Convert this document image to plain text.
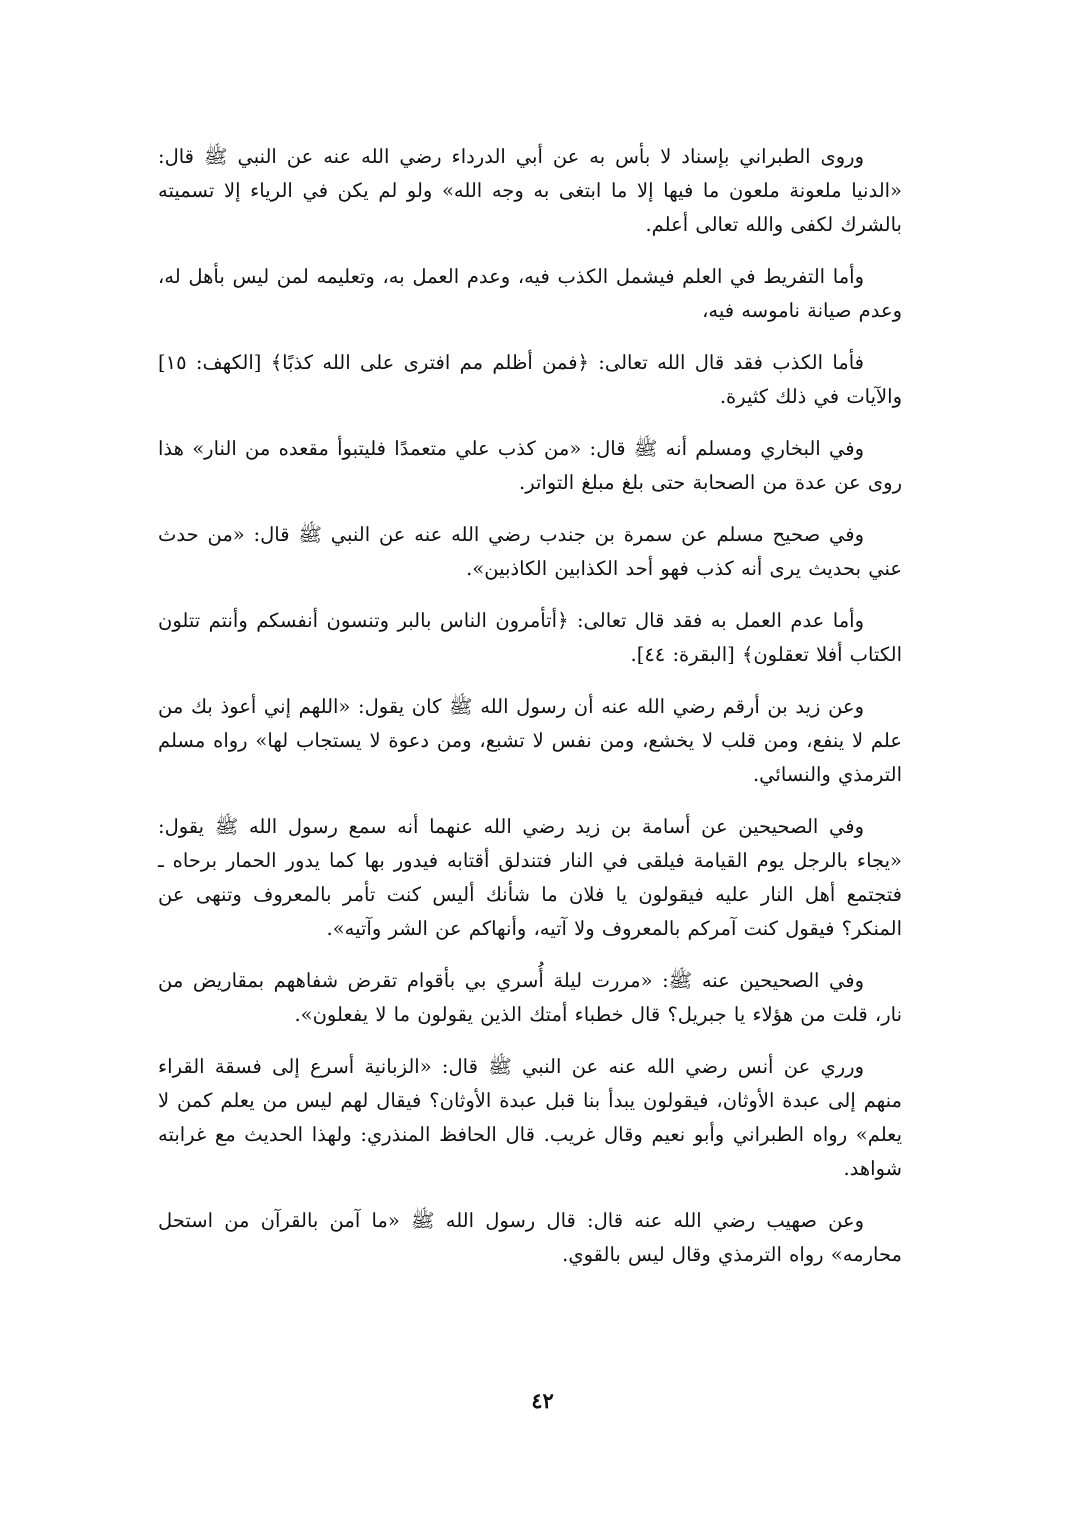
وروى الطبراني بإسناد لا بأس به عن أبي الدرداء رضي الله عنه عن النبي ﷺ قال: «الدنيا ملعونة ملعون ما فيها إلا ما ابتغى به وجه الله» ولو لم يكن في الرياء إلا تسميته بالشرك لكفى والله تعالى أعلم.

وأما التفريط في العلم فيشمل الكذب فيه، وعدم العمل به، وتعليمه لمن ليس بأهل له، وعدم صيانة ناموسه فيه،

فأما الكذب فقد قال الله تعالى: ﴿فمن أظلم مم افترى على الله كذبًا﴾ [الكهف: ١٥] والآيات في ذلك كثيرة.

وفي البخاري ومسلم أنه ﷺ قال: «من كذب علي متعمدًا فليتبوأ مقعده من النار» هذا روى عن عدة من الصحابة حتى بلغ مبلغ التواتر.

وفي صحيح مسلم عن سمرة بن جندب رضي الله عنه عن النبي ﷺ قال: «من حدث عني بحديث يرى أنه كذب فهو أحد الكذابين الكاذبين».

وأما عدم العمل به فقد قال تعالى: ﴿أتأمرون الناس بالبر وتنسون أنفسكم وأنتم تتلون الكتاب أفلا تعقلون﴾ [البقرة: ٤٤].

وعن زيد بن أرقم رضي الله عنه أن رسول الله ﷺ كان يقول: «اللهم إني أعوذ بك من علم لا ينفع، ومن قلب لا يخشع، ومن نفس لا تشبع، ومن دعوة لا يستجاب لها» رواه مسلم الترمذي والنسائي.

وفي الصحيحين عن أسامة بن زيد رضي الله عنهما أنه سمع رسول الله ﷺ يقول: «يجاء بالرجل يوم القيامة فيلقى في النار فتندلق أقتابه فيدور بها كما يدور الحمار برحاه ـ فتجتمع أهل النار عليه فيقولون يا فلان ما شأنك أليس كنت تأمر بالمعروف وتنهى عن المنكر؟ فيقول كنت آمركم بالمعروف ولا آتيه، وأنهاكم عن الشر وآتيه».

وفي الصحيحين عنه ﷺ: «مررت ليلة أُسري بي بأقوام تقرض شفاههم بمقاريض من نار، قلت من هؤلاء يا جبريل؟ قال خطباء أمتك الذين يقولون ما لا يفعلون».

ورري عن أنس رضي الله عنه عن النبي ﷺ قال: «الزبانية أسرع إلى فسقة القراء منهم إلى عبدة الأوثان، فيقولون يبدأ بنا قبل عبدة الأوثان؟ فيقال لهم ليس من يعلم كمن لا يعلم» رواه الطبراني وأبو نعيم وقال غريب. قال الحافظ المنذري: ولهذا الحديث مع غرابته شواهد.

وعن صهيب رضي الله عنه قال: قال رسول الله ﷺ «ما آمن بالقرآن من استحل محارمه» رواه الترمذي وقال ليس بالقوي.

٤٢
